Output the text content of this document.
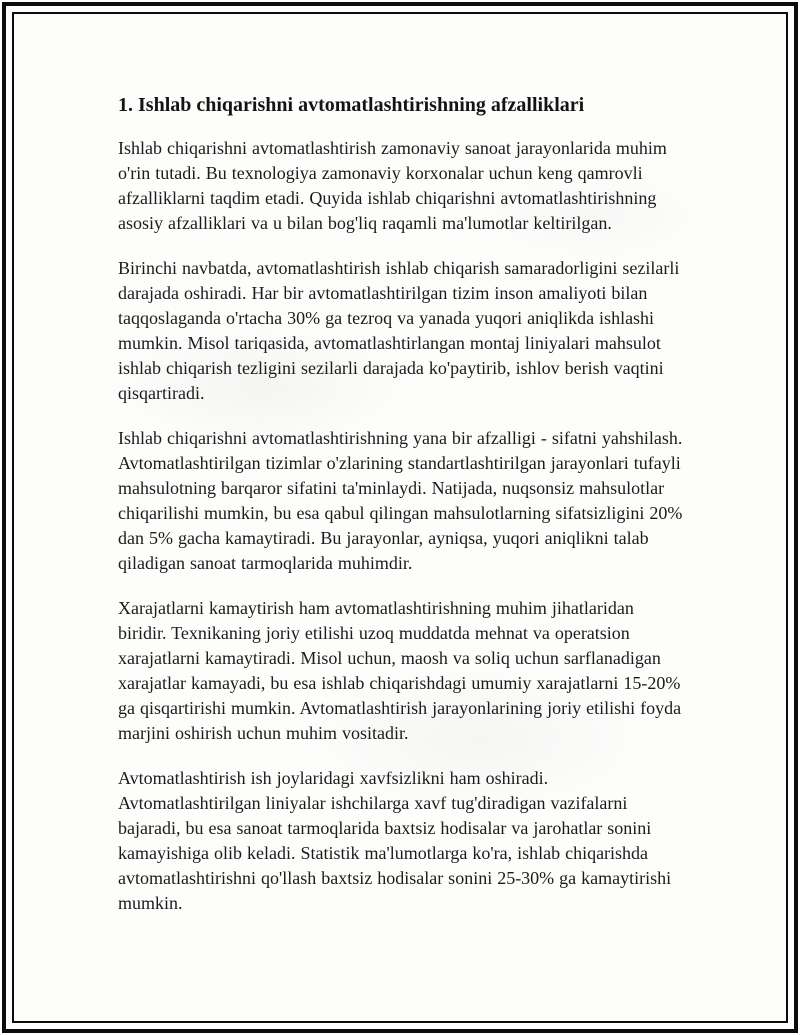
1. Ishlab chiqarishni avtomatlashtirishning afzalliklari

Ishlab chiqarishni avtomatlashtirish zamonaviy sanoat jarayonlarida muhim o'rin tutadi. Bu texnologiya zamonaviy korxonalar uchun keng qamrovli afzalliklarni taqdim etadi. Quyida ishlab chiqarishni avtomatlashtirishning asosiy afzalliklari va u bilan bog'liq raqamli ma'lumotlar keltirilgan.

Birinchi navbatda, avtomatlashtirish ishlab chiqarish samaradorligini sezilarli darajada oshiradi. Har bir avtomatlashtirilgan tizim inson amaliyoti bilan taqqoslaganda o'rtacha 30% ga tezroq va yanada yuqori aniqlikda ishlashi mumkin. Misol tariqasida, avtomatlashtirlangan montaj liniyalari mahsulot ishlab chiqarish tezligini sezilarli darajada ko'paytirib, ishlov berish vaqtini qisqartiradi.

Ishlab chiqarishni avtomatlashtirishning yana bir afzalligi - sifatni yahshilash. Avtomatlashtirilgan tizimlar o'zlarining standartlashtirilgan jarayonlari tufayli mahsulotning barqaror sifatini ta'minlaydi. Natijada, nuqsonsiz mahsulotlar chiqarilishi mumkin, bu esa qabul qilingan mahsulotlarning sifatsizligini 20% dan 5% gacha kamaytiradi. Bu jarayonlar, ayniqsa, yuqori aniqlikni talab qiladigan sanoat tarmoqlarida muhimdir.

Xarajatlarni kamaytirish ham avtomatlashtirishning muhim jihatlaridan biridir. Texnikaning joriy etilishi uzoq muddatda mehnat va operatsion xarajatlarni kamaytiradi. Misol uchun, maosh va soliq uchun sarflanadigan xarajatlar kamayadi, bu esa ishlab chiqarishdagi umumiy xarajatlarni 15-20% ga qisqartirishi mumkin. Avtomatlashtirish jarayonlarining joriy etilishi foyda marjini oshirish uchun muhim vositadir.

Avtomatlashtirish ish joylaridagi xavfsizlikni ham oshiradi. Avtomatlashtirilgan liniyalar ishchilarga xavf tug'diradigan vazifalarni bajaradi, bu esa sanoat tarmoqlarida baxtsiz hodisalar va jarohatlar sonini kamayishiga olib keladi. Statistik ma'lumotlarga ko'ra, ishlab chiqarishda avtomatlashtirishni qo'llash baxtsiz hodisalar sonini 25-30% ga kamaytirishi mumkin.
